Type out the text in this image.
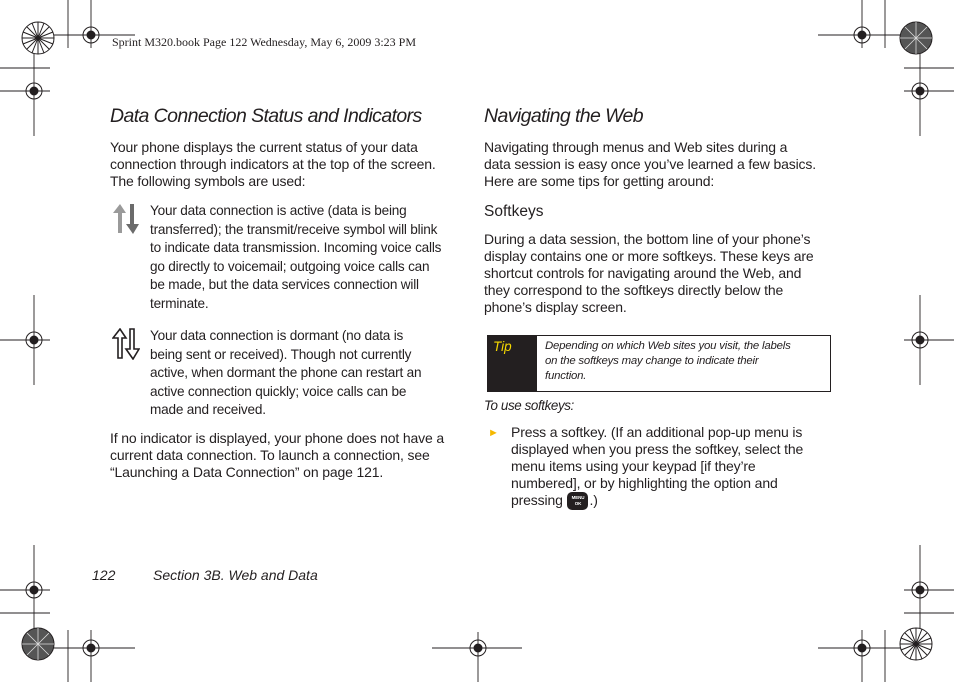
Sprint M320.book Page 122 Wednesday, May 6, 2009 3:23 PM
Data Connection Status and Indicators
Your phone displays the current status of your data
connection through indicators at the top of the screen.
The following symbols are used:
Your data connection is active (data is being
transferred); the transmit/receive symbol will blink
to indicate data transmission. Incoming voice calls
go directly to voicemail; outgoing voice calls can
be made, but the data services connection will
terminate.
Your data connection is dormant (no data is
being sent or received). Though not currently
active, when dormant the phone can restart an
active connection quickly; voice calls can be
made and received.
If no indicator is displayed, your phone does not have a
current data connection. To launch a connection, see
“Launching a Data Connection” on page 121.
Navigating the Web
Navigating through menus and Web sites during a
data session is easy once you’ve learned a few basics.
Here are some tips for getting around:
Softkeys
During a data session, the bottom line of your phone’s
display contains one or more softkeys. These keys are
shortcut controls for navigating around the Web, and
they correspond to the softkeys directly below the
phone’s display screen.
Tip	Depending on which Web sites you visit, the labels
on the softkeys may change to indicate their
function.
To use softkeys:
► Press a softkey. (If an additional pop-up menu is
displayed when you press the softkey, select the
menu items using your keypad [if they’re
numbered], or by highlighting the option and
pressing	MENU
OK .)
122	Section 3B. Web and Data
